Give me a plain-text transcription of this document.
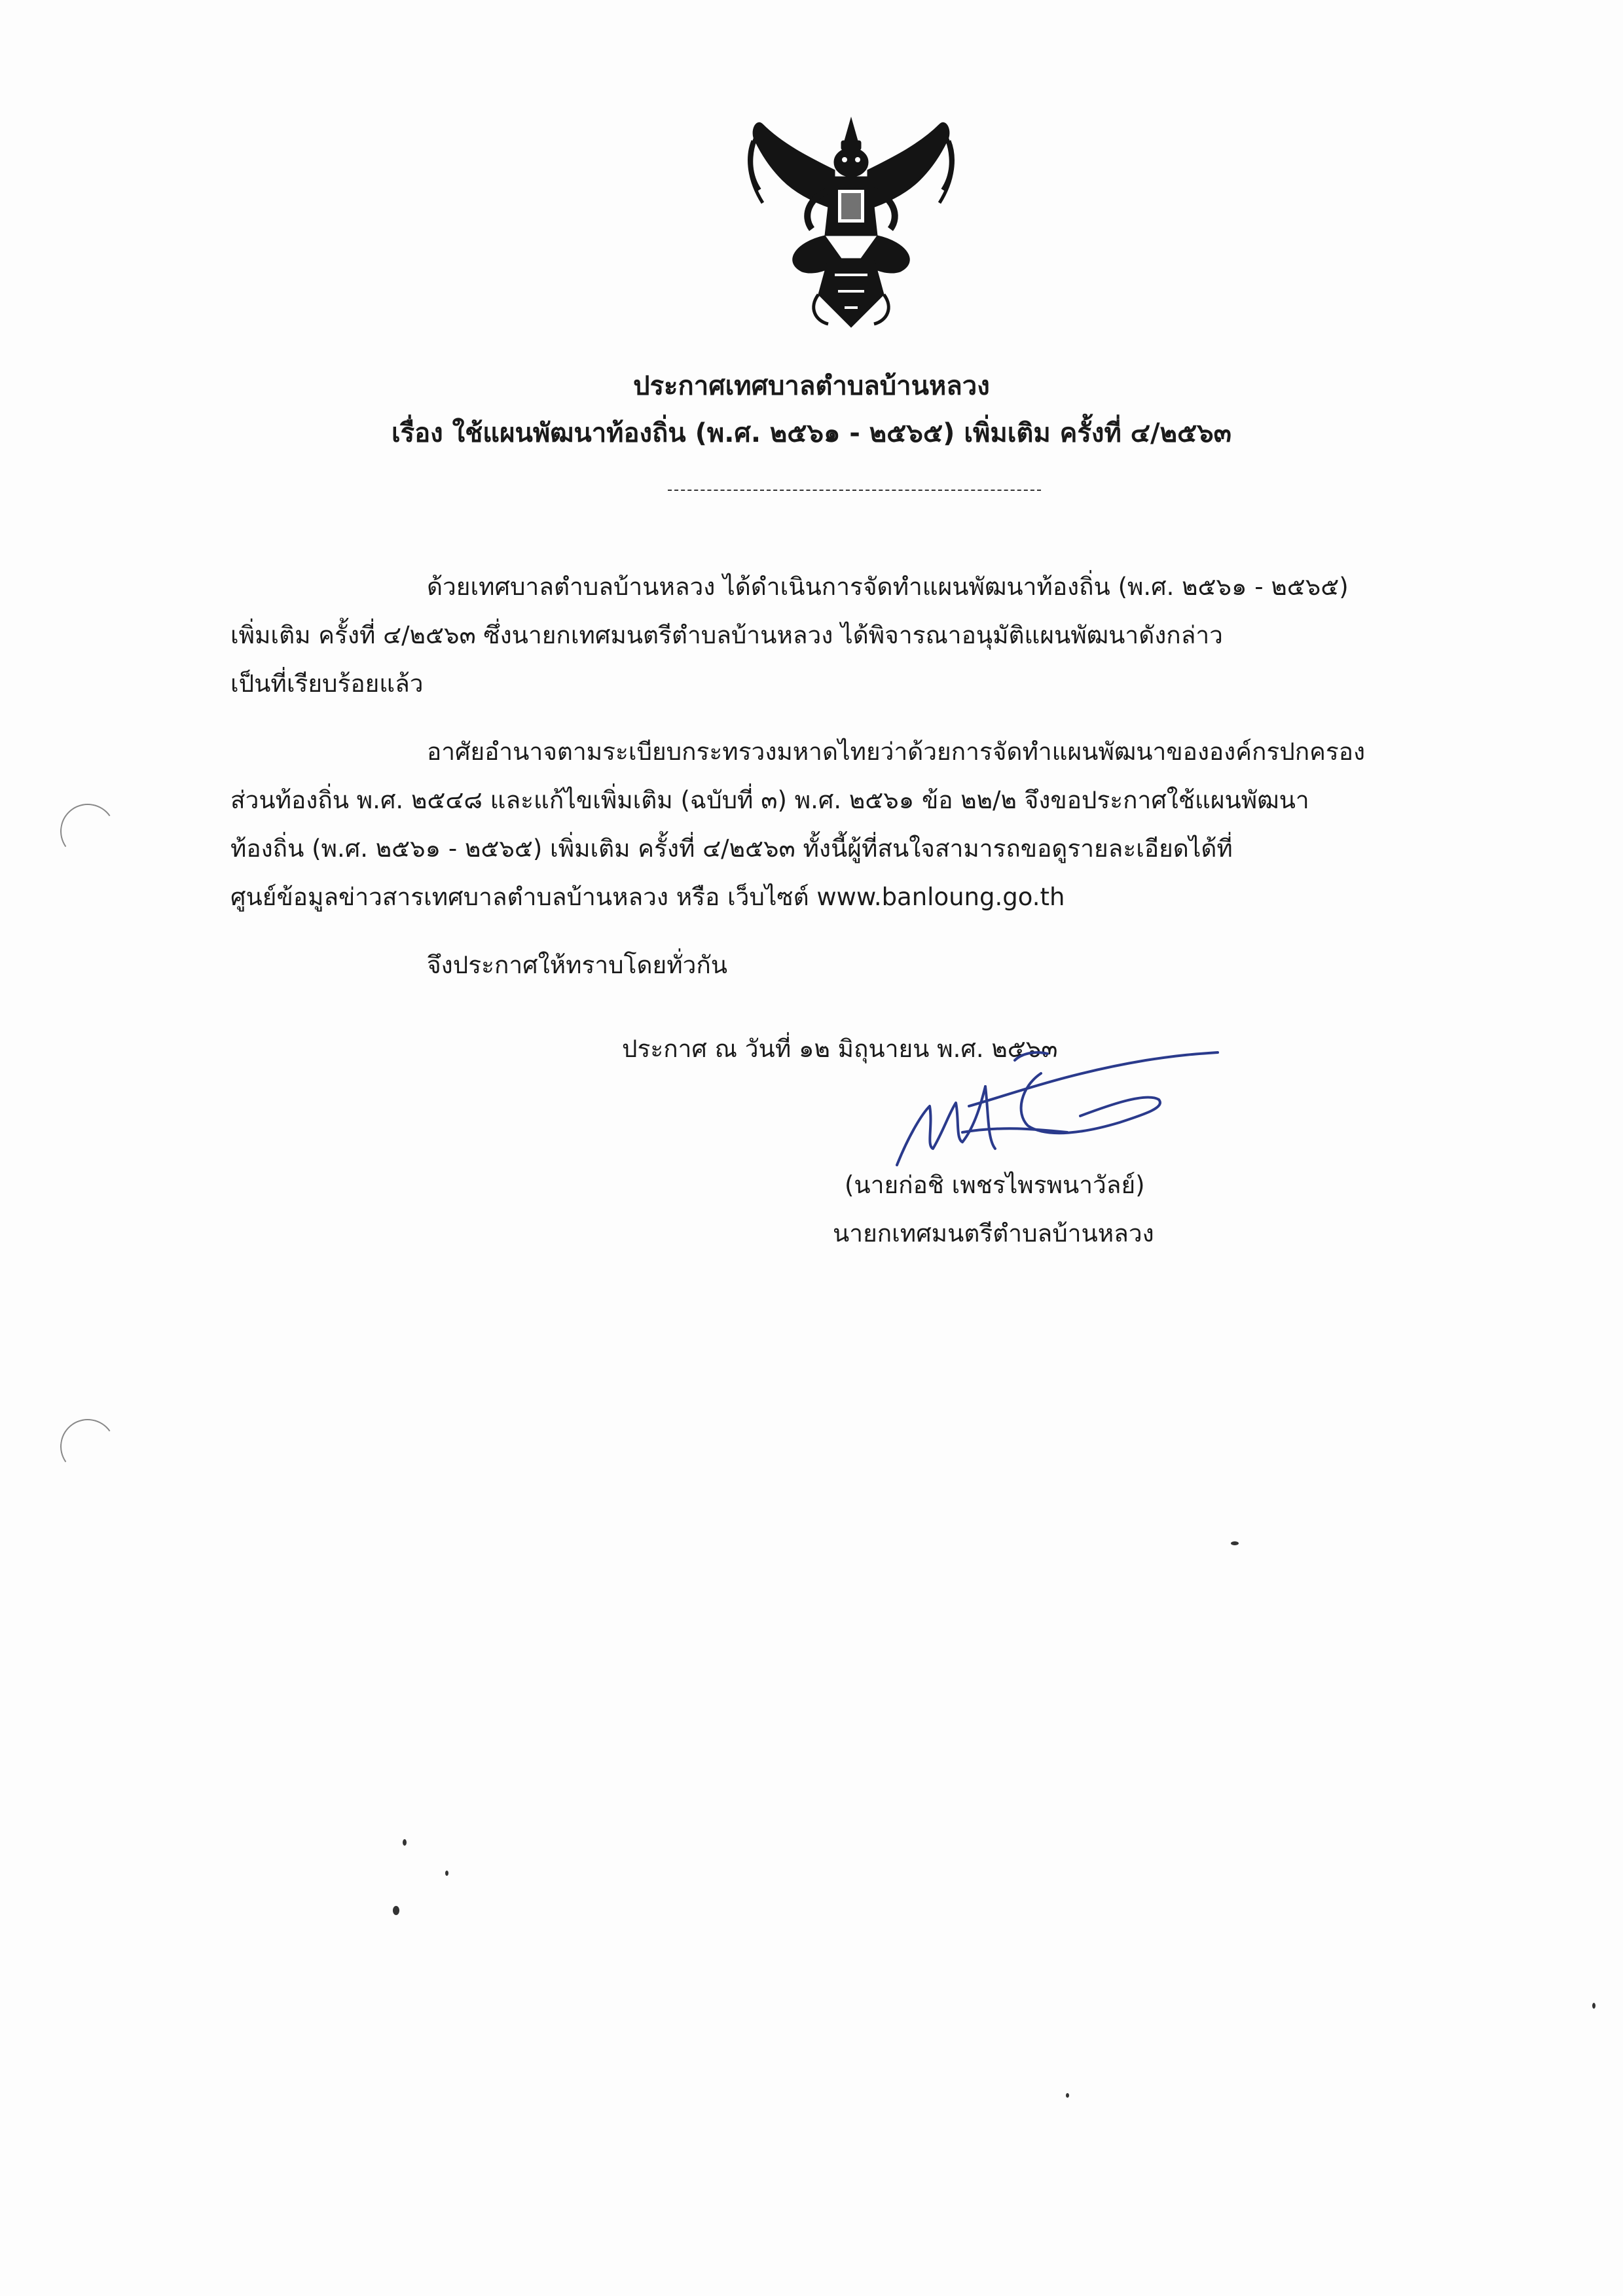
ประกาศเทศบาลตำบลบ้านหลวง
เรื่อง ใช้แผนพัฒนาท้องถิ่น (พ.ศ. ๒๕๖๑ - ๒๕๖๕) เพิ่มเติม ครั้งที่ ๔/๒๕๖๓
ด้วยเทศบาลตำบลบ้านหลวง ได้ดำเนินการจัดทำแผนพัฒนาท้องถิ่น (พ.ศ. ๒๕๖๑ - ๒๕๖๕)
เพิ่มเติม ครั้งที่ ๔/๒๕๖๓ ซึ่งนายกเทศมนตรีตำบลบ้านหลวง ได้พิจารณาอนุมัติแผนพัฒนาดังกล่าว
เป็นที่เรียบร้อยแล้ว
อาศัยอำนาจตามระเบียบกระทรวงมหาดไทยว่าด้วยการจัดทำแผนพัฒนาขององค์กรปกครอง
ส่วนท้องถิ่น พ.ศ. ๒๕๔๘ และแก้ไขเพิ่มเติม (ฉบับที่ ๓) พ.ศ. ๒๕๖๑ ข้อ ๒๒/๒ จึงขอประกาศใช้แผนพัฒนา
ท้องถิ่น (พ.ศ. ๒๕๖๑ - ๒๕๖๕) เพิ่มเติม ครั้งที่ ๔/๒๕๖๓ ทั้งนี้ผู้ที่สนใจสามารถขอดูรายละเอียดได้ที่
ศูนย์ข้อมูลข่าวสารเทศบาลตำบลบ้านหลวง หรือ เว็บไซต์ www.banloung.go.th
จึงประกาศให้ทราบโดยทั่วกัน
ประกาศ ณ วันที่ ๑๒ มิถุนายน พ.ศ. ๒๕๖๓
(นายก่อชิ เพชรไพรพนาวัลย์)
นายกเทศมนตรีตำบลบ้านหลวง
